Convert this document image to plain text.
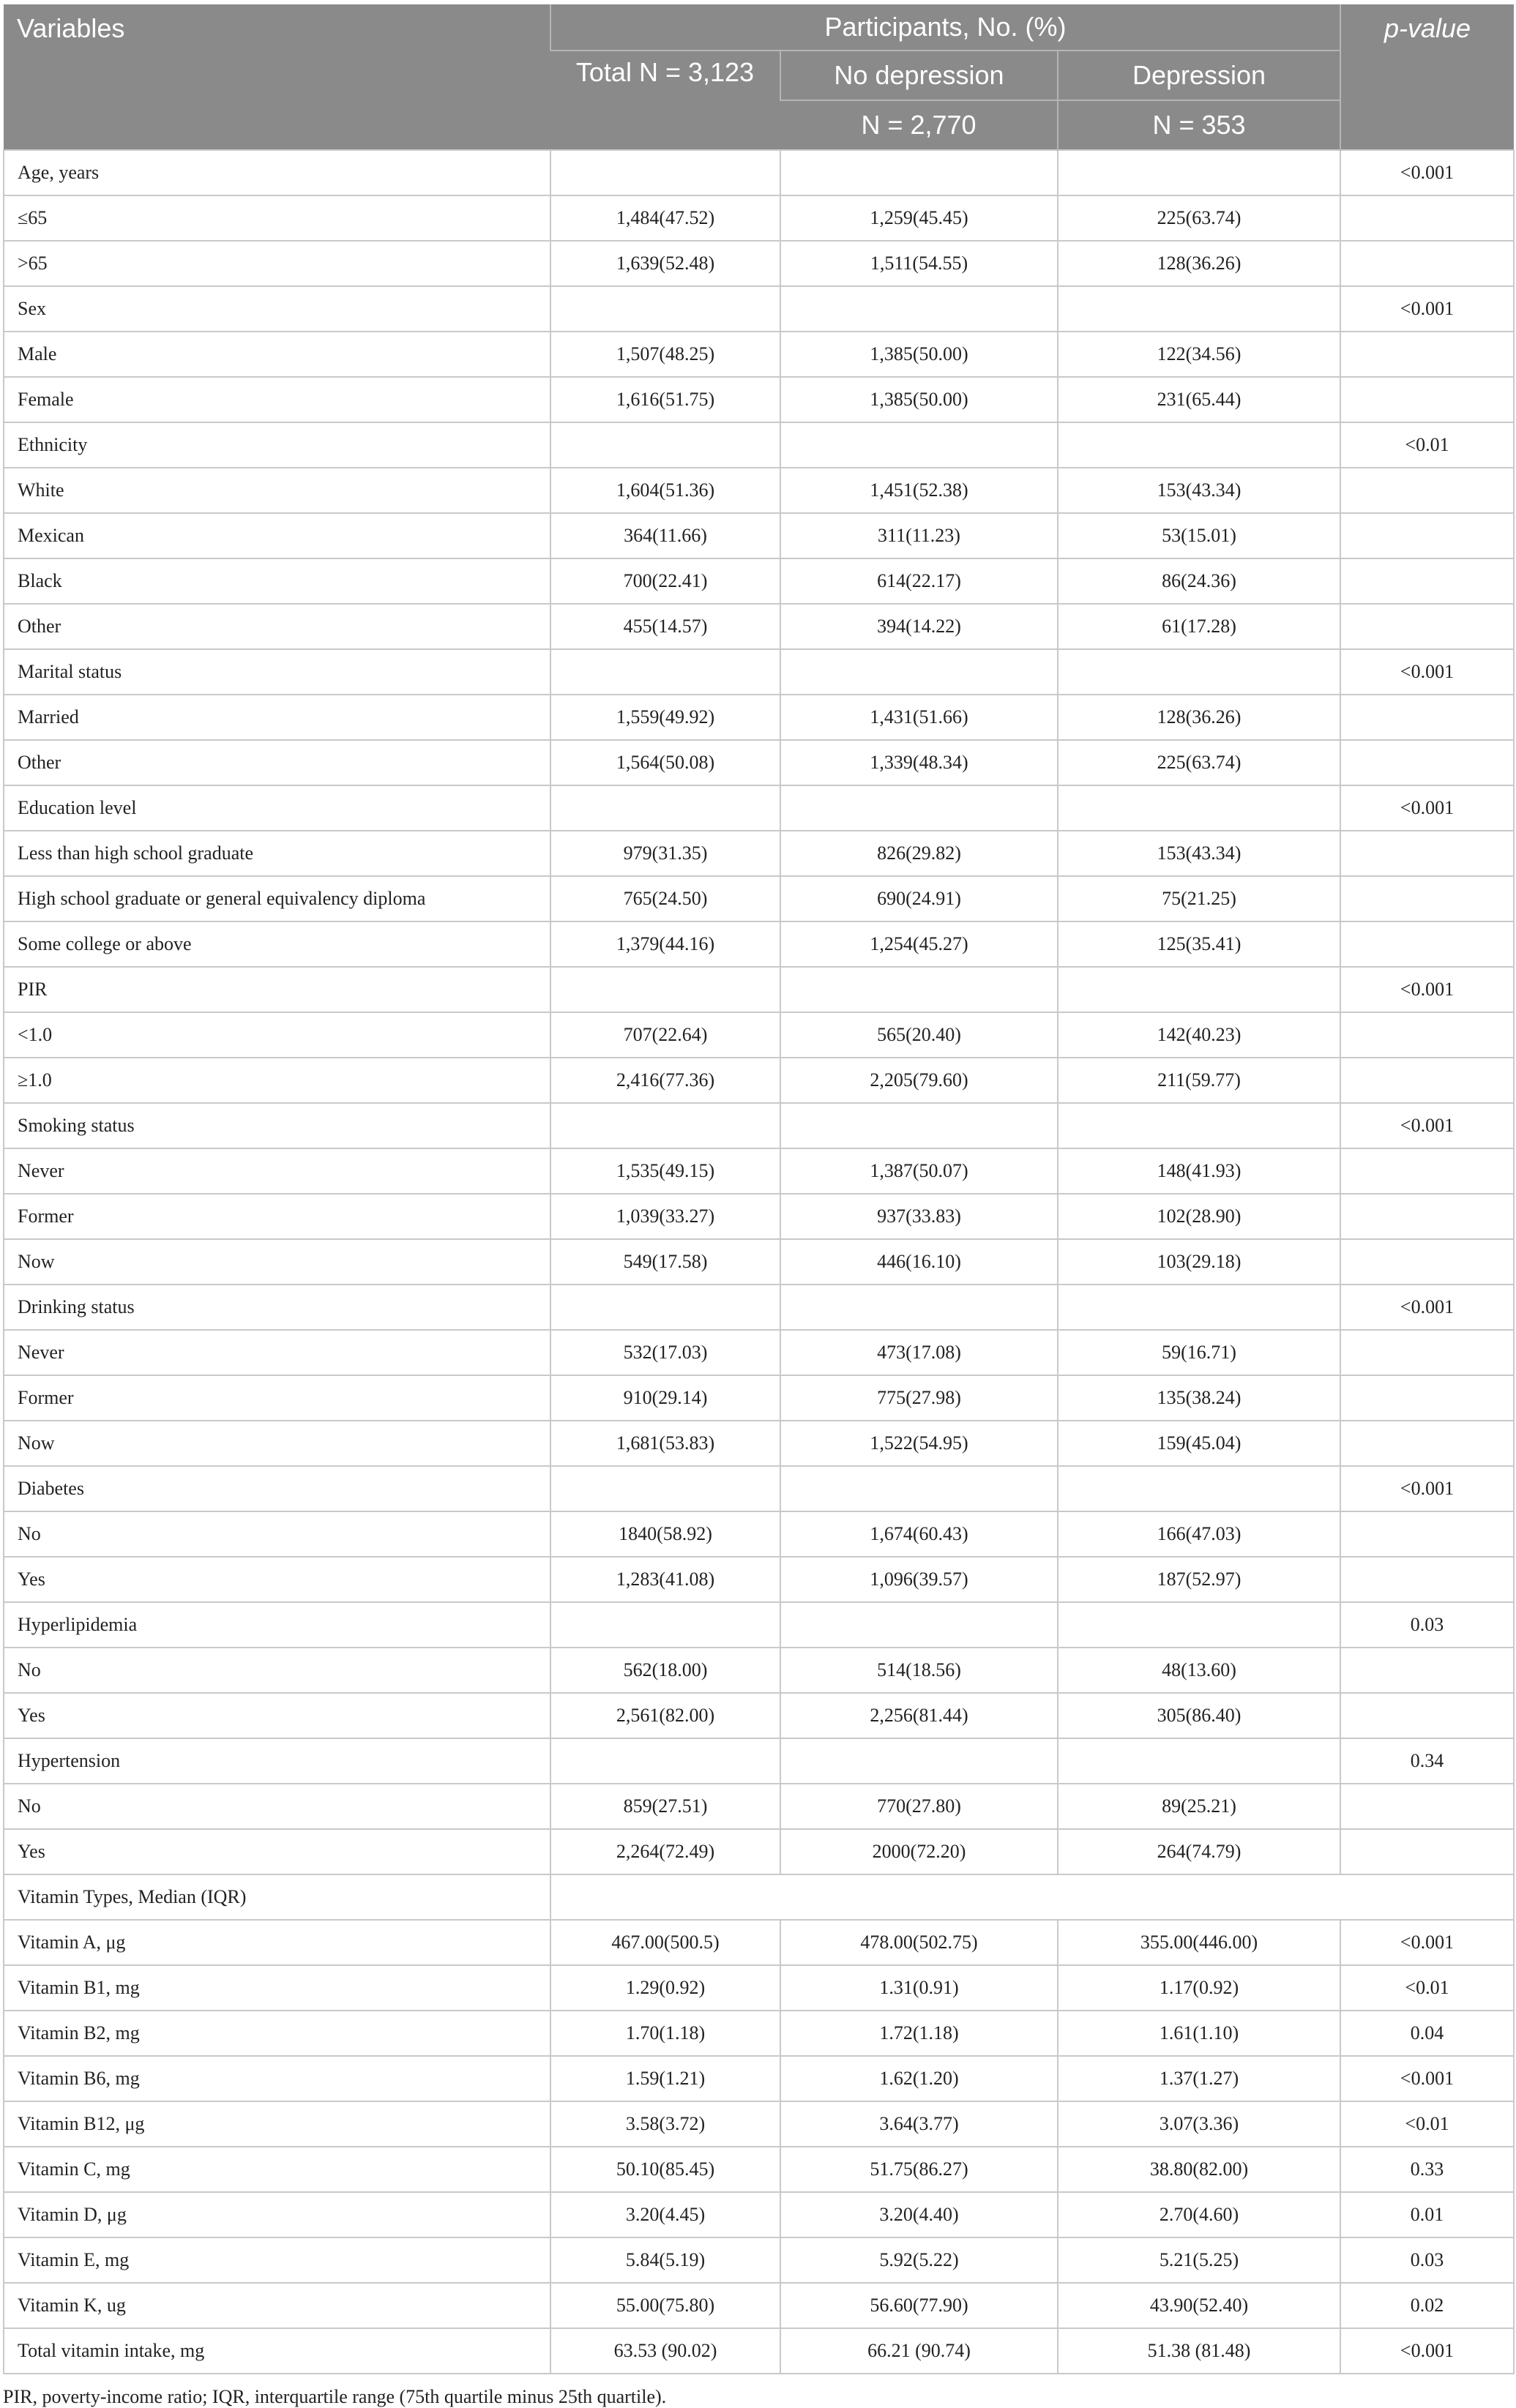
Variables	Participants, No. (%)			p-value
	Total N = 3,123	No depression	Depression	
		N = 2,770	N = 353	
Age, years				<0.001
≤65	1,484(47.52)	1,259(45.45)	225(63.74)	
>65	1,639(52.48)	1,511(54.55)	128(36.26)	
Sex				<0.001
Male	1,507(48.25)	1,385(50.00)	122(34.56)	
Female	1,616(51.75)	1,385(50.00)	231(65.44)	
Ethnicity				<0.01
White	1,604(51.36)	1,451(52.38)	153(43.34)	
Mexican	364(11.66)	311(11.23)	53(15.01)	
Black	700(22.41)	614(22.17)	86(24.36)	
Other	455(14.57)	394(14.22)	61(17.28)	
Marital status				<0.001
Married	1,559(49.92)	1,431(51.66)	128(36.26)	
Other	1,564(50.08)	1,339(48.34)	225(63.74)	
Education level				<0.001
Less than high school graduate	979(31.35)	826(29.82)	153(43.34)	
High school graduate or general equivalency diploma	765(24.50)	690(24.91)	75(21.25)	
Some college or above	1,379(44.16)	1,254(45.27)	125(35.41)	
PIR				<0.001
<1.0	707(22.64)	565(20.40)	142(40.23)	
≥1.0	2,416(77.36)	2,205(79.60)	211(59.77)	
Smoking status				<0.001
Never	1,535(49.15)	1,387(50.07)	148(41.93)	
Former	1,039(33.27)	937(33.83)	102(28.90)	
Now	549(17.58)	446(16.10)	103(29.18)	
Drinking status				<0.001
Never	532(17.03)	473(17.08)	59(16.71)	
Former	910(29.14)	775(27.98)	135(38.24)	
Now	1,681(53.83)	1,522(54.95)	159(45.04)	
Diabetes				<0.001
No	1840(58.92)	1,674(60.43)	166(47.03)	
Yes	1,283(41.08)	1,096(39.57)	187(52.97)	
Hyperlipidemia				0.03
No	562(18.00)	514(18.56)	48(13.60)	
Yes	2,561(82.00)	2,256(81.44)	305(86.40)	
Hypertension				0.34
No	859(27.51)	770(27.80)	89(25.21)	
Yes	2,264(72.49)	2000(72.20)	264(74.79)	
Vitamin Types, Median (IQR)				
Vitamin A, μg	467.00(500.5)	478.00(502.75)	355.00(446.00)	<0.001
Vitamin B1, mg	1.29(0.92)	1.31(0.91)	1.17(0.92)	<0.01
Vitamin B2, mg	1.70(1.18)	1.72(1.18)	1.61(1.10)	0.04
Vitamin B6, mg	1.59(1.21)	1.62(1.20)	1.37(1.27)	<0.001
Vitamin B12, μg	3.58(3.72)	3.64(3.77)	3.07(3.36)	<0.01
Vitamin C, mg	50.10(85.45)	51.75(86.27)	38.80(82.00)	0.33
Vitamin D, μg	3.20(4.45)	3.20(4.40)	2.70(4.60)	0.01
Vitamin E, mg	5.84(5.19)	5.92(5.22)	5.21(5.25)	0.03
Vitamin K, ug	55.00(75.80)	56.60(77.90)	43.90(52.40)	0.02
Total vitamin intake, mg	63.53 (90.02)	66.21 (90.74)	51.38 (81.48)	<0.001

PIR, poverty-income ratio; IQR, interquartile range (75th quartile minus 25th quartile).
